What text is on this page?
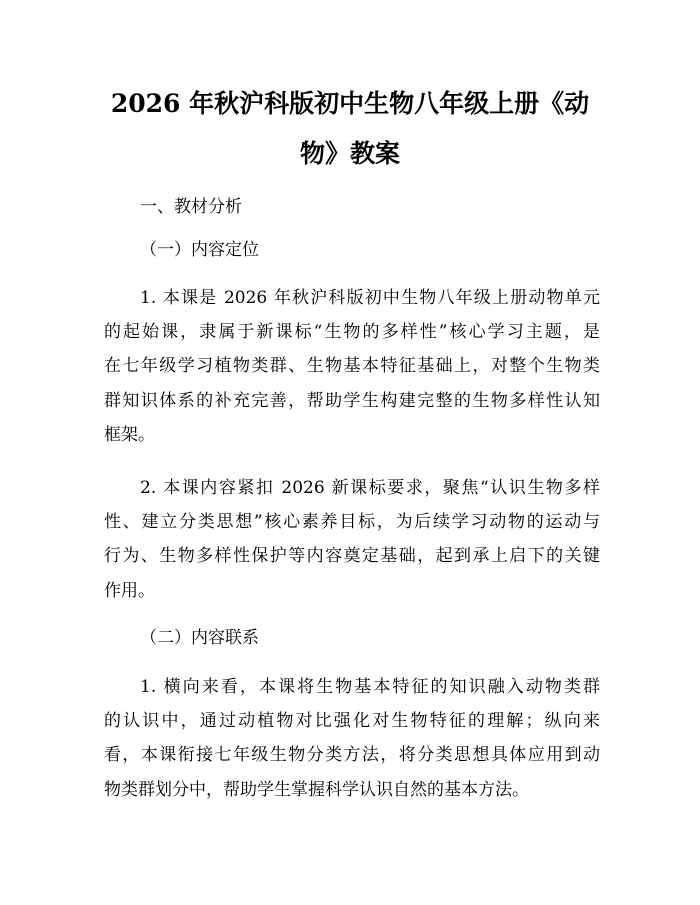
2026 年秋沪科版初中生物八年级上册《动
物》教案

一、教材分析

（一）内容定位

1. 本课是 2026 年秋沪科版初中生物八年级上册动物单元

的起始课，隶属于新课标“生物的多样性”核心学习主题，是

在七年级学习植物类群、生物基本特征基础上，对整个生物类

群知识体系的补充完善，帮助学生构建完整的生物多样性认知

框架。

2. 本课内容紧扣 2026 新课标要求，聚焦“认识生物多样

性、建立分类思想”核心素养目标，为后续学习动物的运动与

行为、生物多样性保护等内容奠定基础，起到承上启下的关键

作用。

（二）内容联系

1. 横向来看，本课将生物基本特征的知识融入动物类群

的认识中，通过动植物对比强化对生物特征的理解；纵向来

看，本课衔接七年级生物分类方法，将分类思想具体应用到动

物类群划分中，帮助学生掌握科学认识自然的基本方法。
